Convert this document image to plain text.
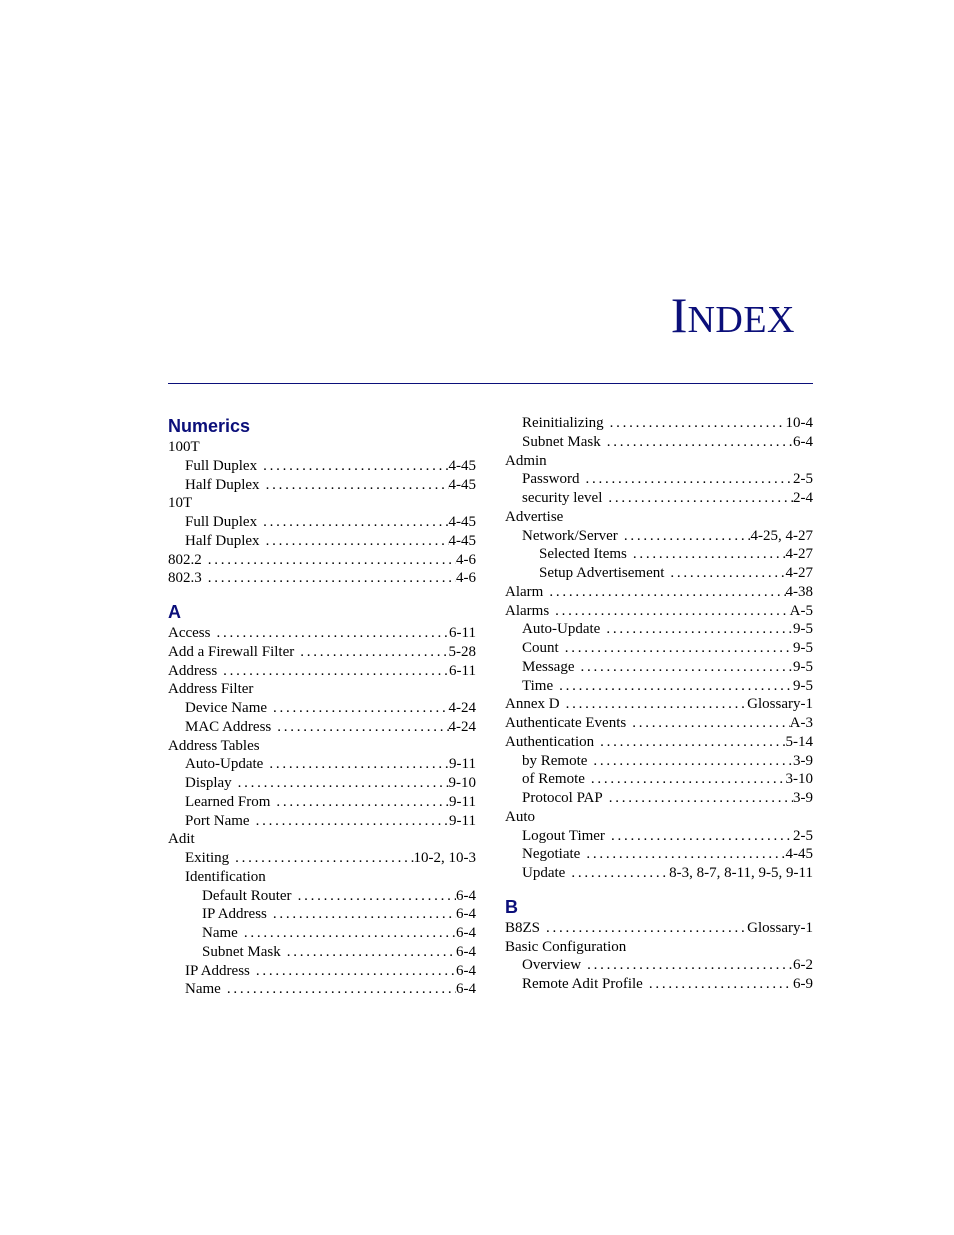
INDEX
Numerics
100T
Full Duplex . . .	4-45
Half Duplex . . .	4-45
10T
Full Duplex . . .	4-45
Half Duplex . . .	4-45
802.2 . . .	4-6
802.3 . . .	4-6
A
Access . . .	6-11
Add a Firewall Filter . . .	5-28
Address . . .	6-11
Address Filter
Device Name . . .	4-24
MAC Address . . .	4-24
Address Tables
Auto-Update . . .	9-11
Display . . .	9-10
Learned From . . .	9-11
Port Name . . .	9-11
Adit
Exiting . . .	10-2, 10-3
Identification
Default Router . . .	6-4
IP Address . . .	6-4
Name . . .	6-4
Subnet Mask . . .	6-4
IP Address . . .	6-4
Name . . .	6-4
Reinitializing . . .	10-4
Subnet Mask . . .	6-4
Admin
Password . . .	2-5
security level . . .	2-4
Advertise
Network/Server . . .	4-25, 4-27
Selected Items . . .	4-27
Setup Advertisement . . .	4-27
Alarm . . .	4-38
Alarms . . .	A-5
Auto-Update . . .	9-5
Count . . .	9-5
Message . . .	9-5
Time . . .	9-5
Annex D . . .	Glossary-1
Authenticate Events . . .	A-3
Authentication . . .	5-14
by Remote . . .	3-9
of Remote . . .	3-10
Protocol PAP . . .	3-9
Auto
Logout Timer . . .	2-5
Negotiate . . .	4-45
Update . . .	8-3, 8-7, 8-11, 9-5, 9-11
B
B8ZS . . .	Glossary-1
Basic Configuration
Overview . . .	6-2
Remote Adit Profile . . .	6-9
